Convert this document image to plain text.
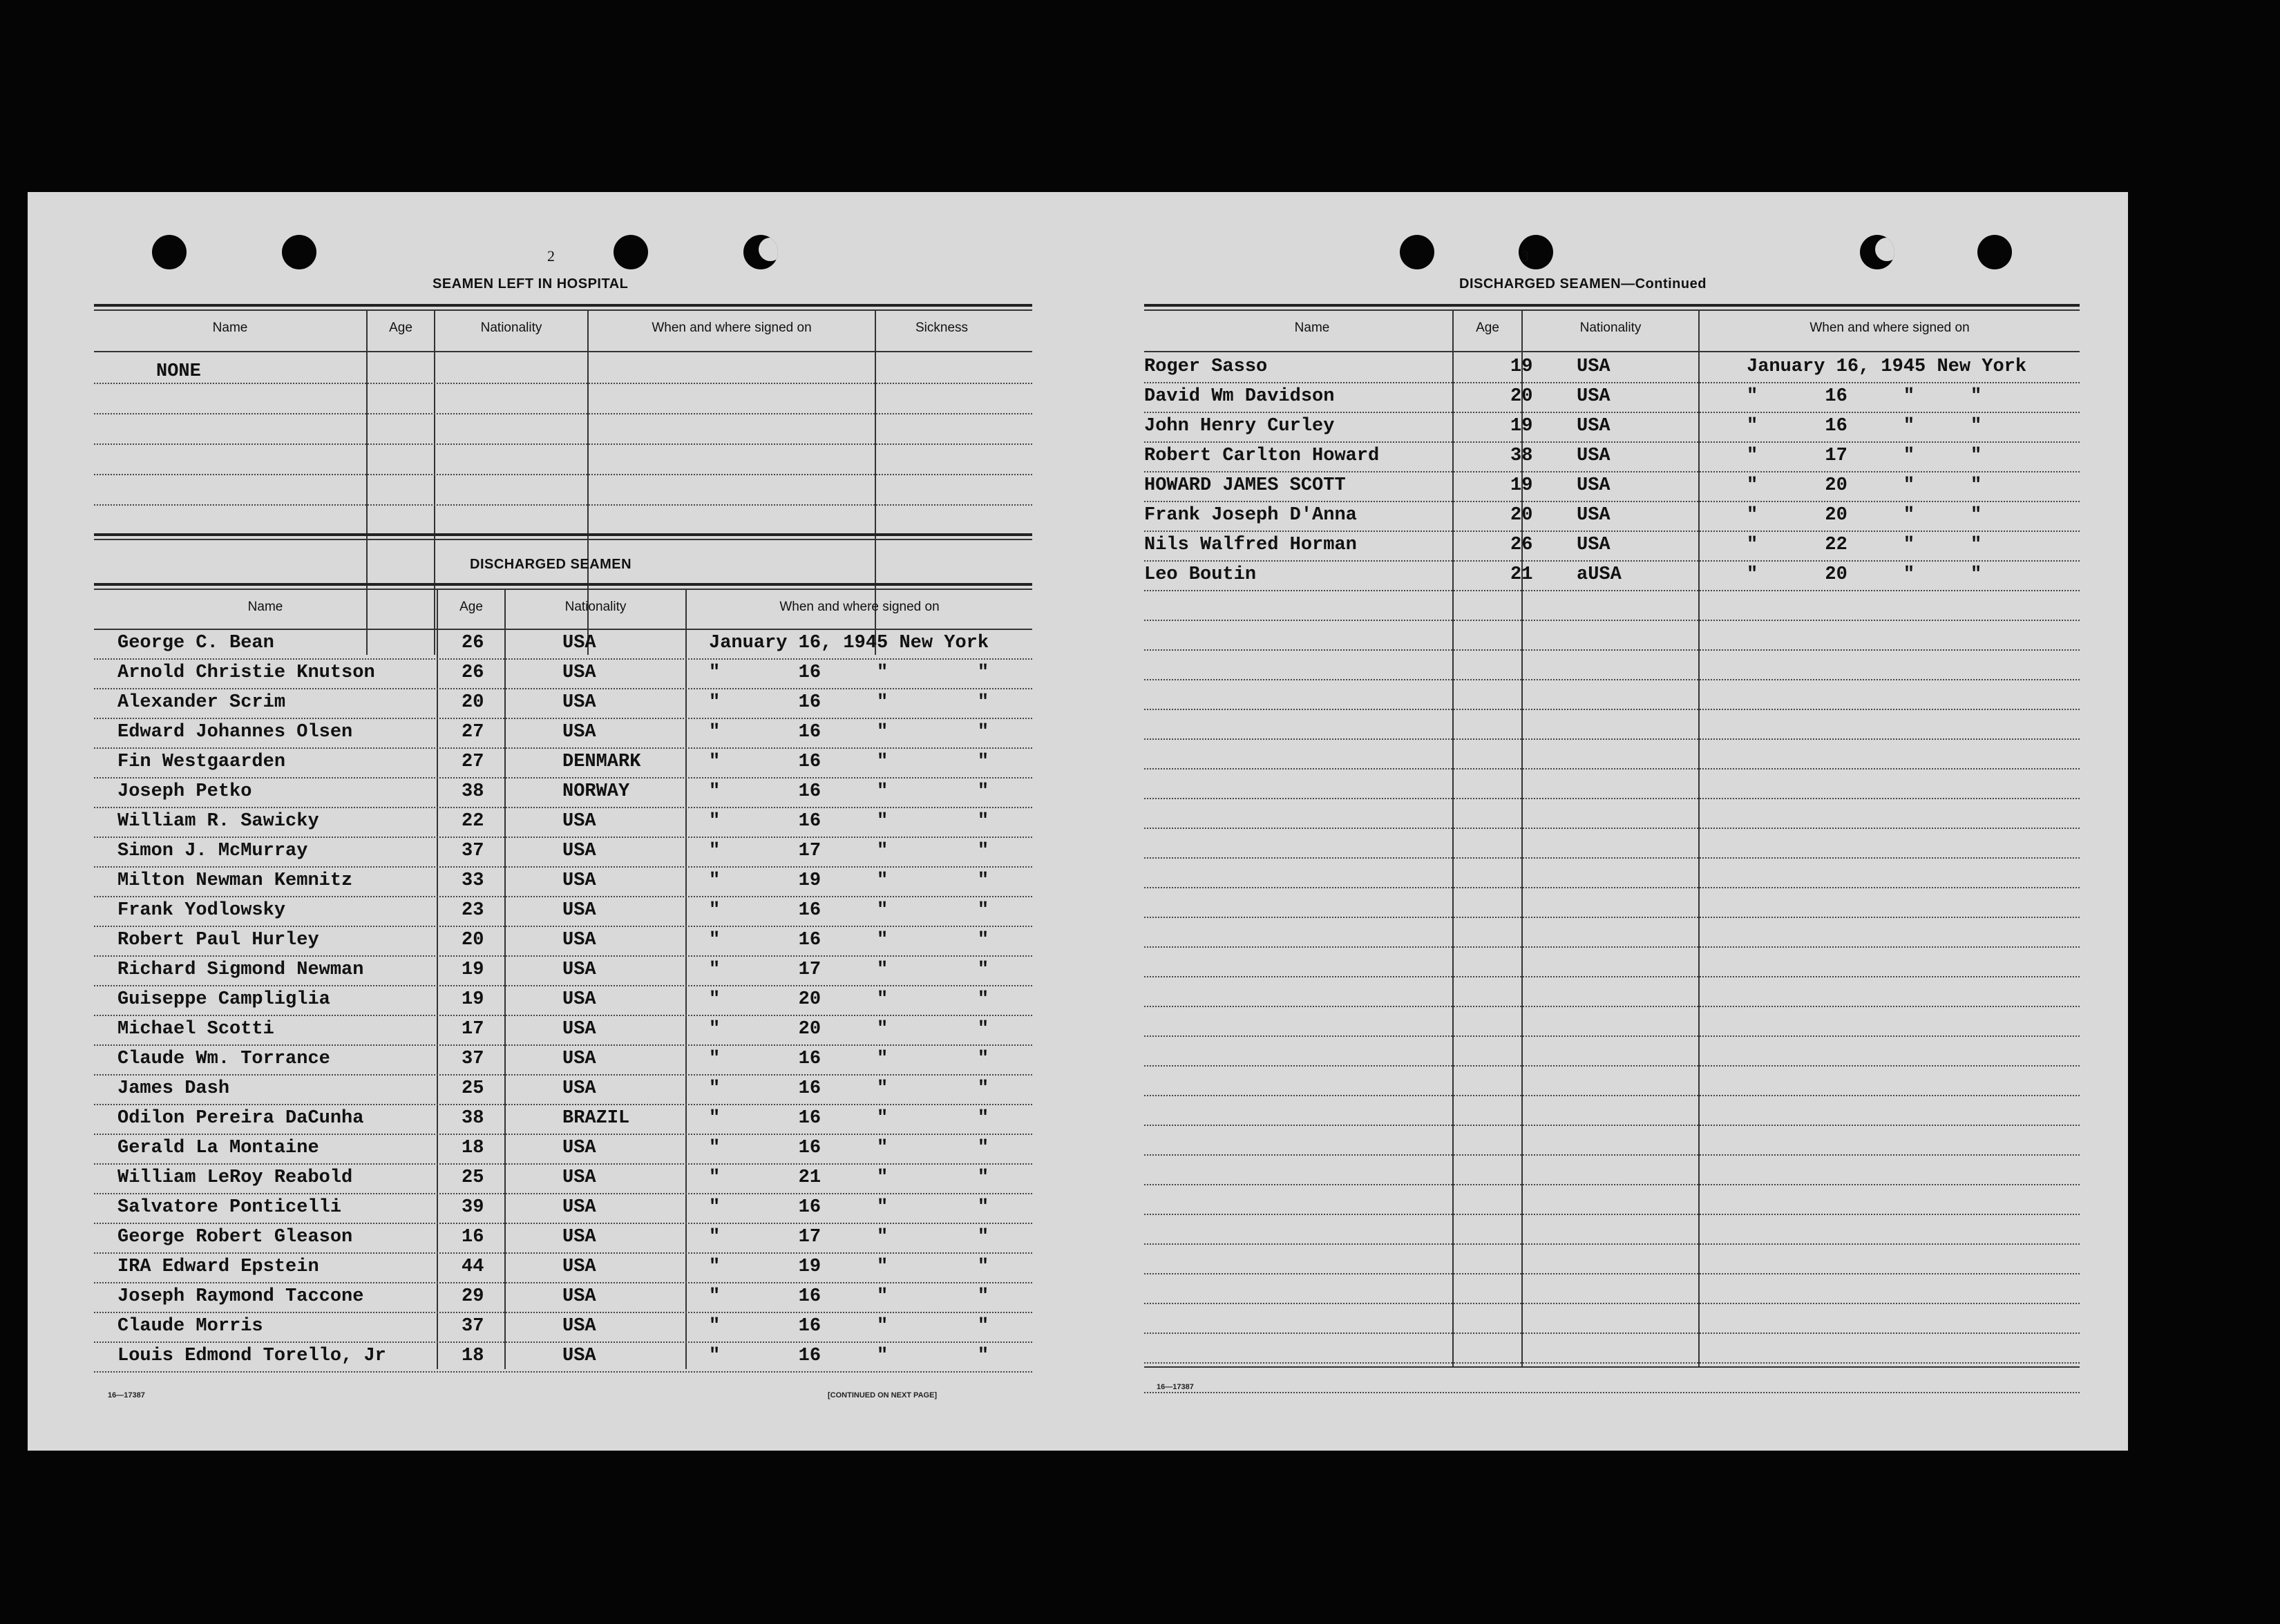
2
SEAMEN LEFT IN HOSPITAL
Name	Age	Nationality	When and where signed on	Sickness
NONE
DISCHARGED SEAMEN
Name	Age	Nationality	When and where signed on
George C. Bean	26	USA	January 16, 1945 New York
Arnold Christie Knutson	26	USA	"       16     "        "
Alexander Scrim	20	USA	"       16     "        "
Edward Johannes Olsen	27	USA	"       16     "        "
Fin Westgaarden	27	DENMARK	"       16     "        "
Joseph Petko	38	NORWAY	"       16     "        "
William R. Sawicky	22	USA	"       16     "        "
Simon J. McMurray	37	USA	"       17     "        "
Milton Newman Kemnitz	33	USA	"       19     "        "
Frank Yodlowsky	23	USA	"       16     "        "
Robert Paul Hurley	20	USA	"       16     "        "
Richard Sigmond Newman	19	USA	"       17     "        "
Guiseppe Campliglia	19	USA	"       20     "        "
Michael Scotti	17	USA	"       20     "        "
Claude Wm. Torrance	37	USA	"       16     "        "
James Dash	25	USA	"       16     "        "
Odilon Pereira DaCunha	38	BRAZIL	"       16     "        "
Gerald La Montaine	18	USA	"       16     "        "
William LeRoy Reabold	25	USA	"       21     "        "
Salvatore Ponticelli	39	USA	"       16     "        "
George Robert Gleason	16	USA	"       17     "        "
IRA Edward Epstein	44	USA	"       19     "        "
Joseph Raymond Taccone	29	USA	"       16     "        "
Claude Morris	37	USA	"       16     "        "
Louis Edmond Torello, Jr	18	USA	"       16     "        "
16—17387	[CONTINUED ON NEXT PAGE]
3
DISCHARGED SEAMEN—Continued
Name	Age	Nationality	When and where signed on
Roger Sasso	19 USA	January 16, 1945 New York
David Wm Davidson	20 USA	"      16     "     "
John Henry Curley	19 USA	"      16     "     "
Robert Carlton Howard	38 USA	"      17     "     "
HOWARD JAMES SCOTT	19 USA	"      20     "     "
Frank Joseph D'Anna	20 USA	"      20     "     "
Nils Walfred Horman	26 USA	"      22     "     "
Leo Boutin	21 aUSA	"      20     "     "
16—17387
